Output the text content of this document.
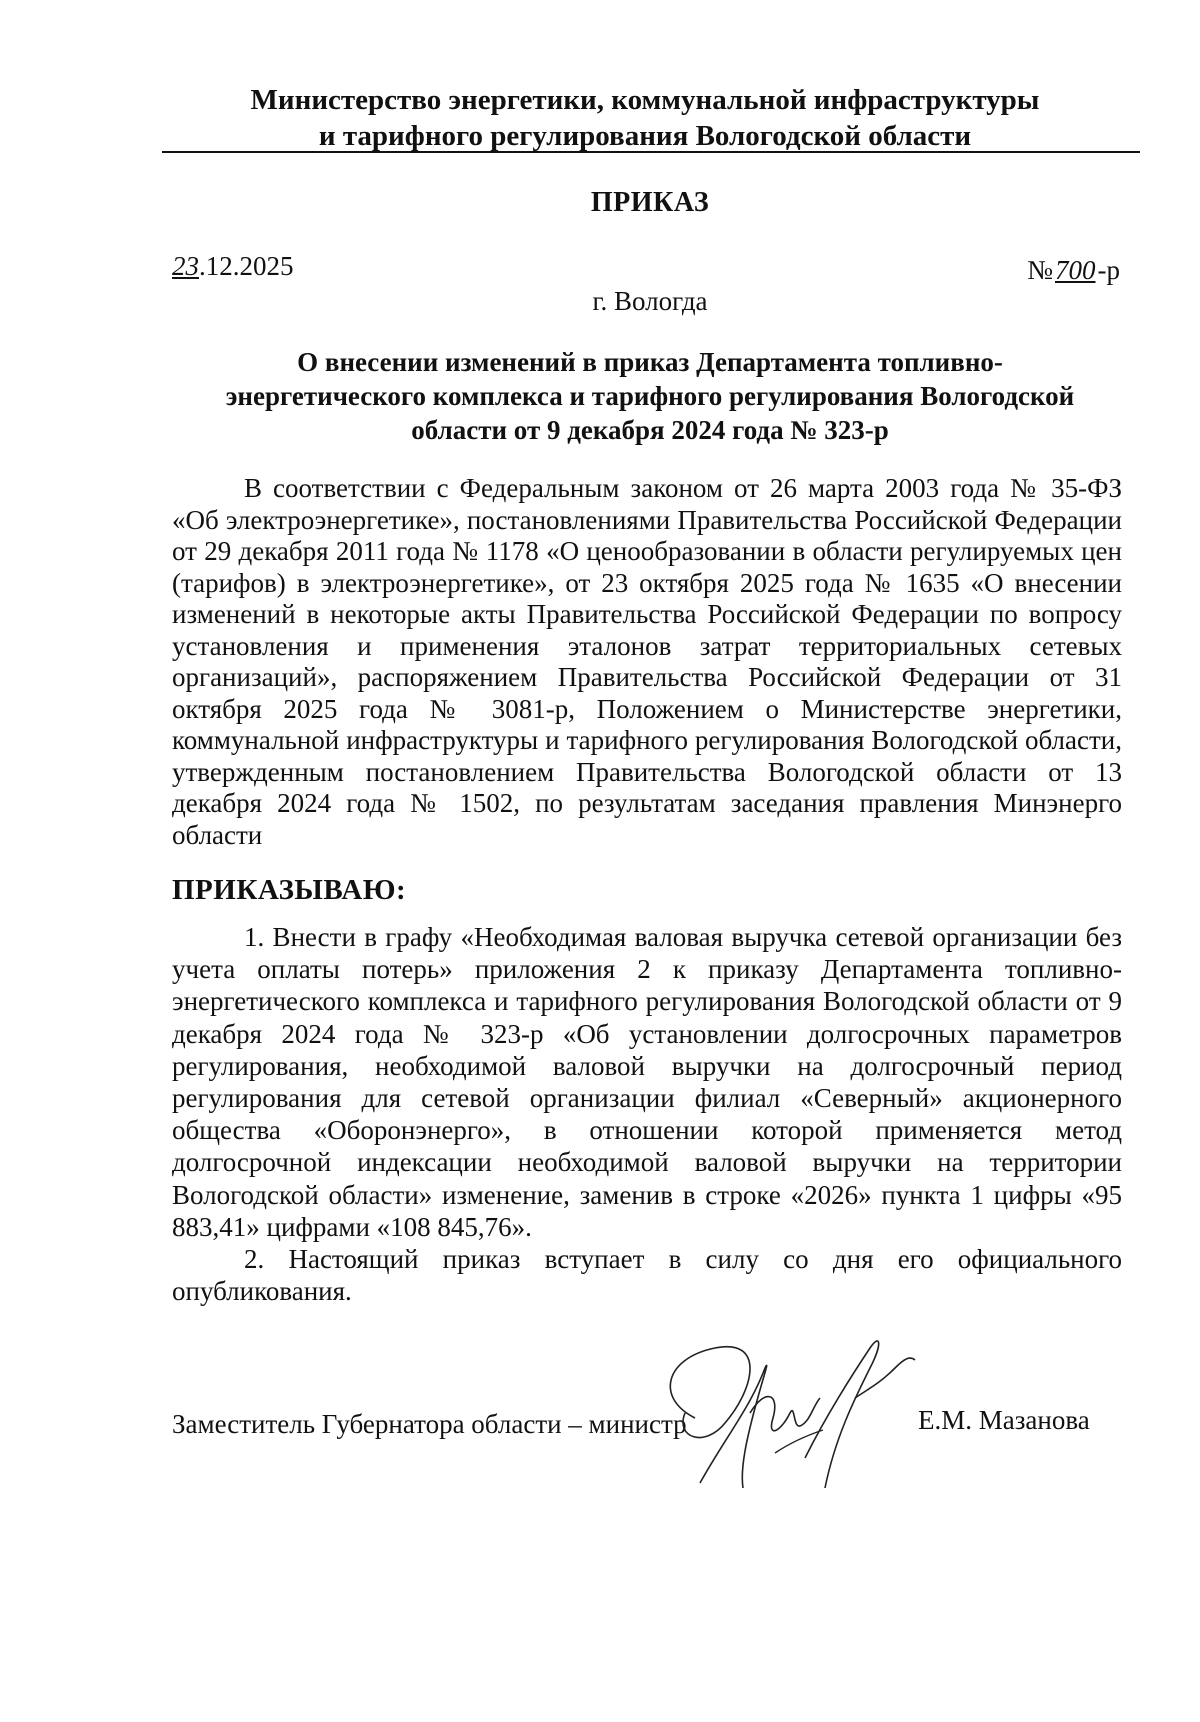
Министерство энергетики, коммунальной инфраструктуры
и тарифного регулирования Вологодской области
ПРИКАЗ
23.12.2025	№700-р
г. Вологда
О внесении изменений в приказ Департамента топливно-
энергетического комплекса и тарифного регулирования Вологодской
области от 9 декабря 2024 года № 323-р

В соответствии с Федеральным законом от 26 марта 2003 года № 35-ФЗ «Об электроэнергетике», постановлениями Правительства Российской Федерации от 29 декабря 2011 года № 1178 «О ценообразовании в области регулируемых цен (тарифов) в электроэнергетике», от 23 октября 2025 года № 1635 «О внесении изменений в некоторые акты Правительства Российской Федерации по вопросу установления и применения эталонов затрат территориальных сетевых организаций», распоряжением Правительства Российской Федерации от 31 октября 2025 года № 3081-р, Положением о Министерстве энергетики, коммунальной инфраструктуры и тарифного регулирования Вологодской области, утвержденным постановлением Правительства Вологодской области от 13 декабря 2024 года № 1502, по результатам заседания правления Минэнерго области

ПРИКАЗЫВАЮ:

1. Внести в графу «Необходимая валовая выручка сетевой организации без учета оплаты потерь» приложения 2 к приказу Департамента топливно-энергетического комплекса и тарифного регулирования Вологодской области от 9 декабря 2024 года № 323-р «Об установлении долгосрочных параметров регулирования, необходимой валовой выручки на долгосрочный период регулирования для сетевой организации филиал «Северный» акционерного общества «Оборонэнерго», в отношении которой применяется метод долгосрочной индексации необходимой валовой выручки на территории Вологодской области» изменение, заменив в строке «2026» пункта 1 цифры «95 883,41» цифрами «108 845,76».

2. Настоящий приказ вступает в силу со дня его официального опубликования.

Заместитель Губернатора области – министр	Е.М. Мазанова
